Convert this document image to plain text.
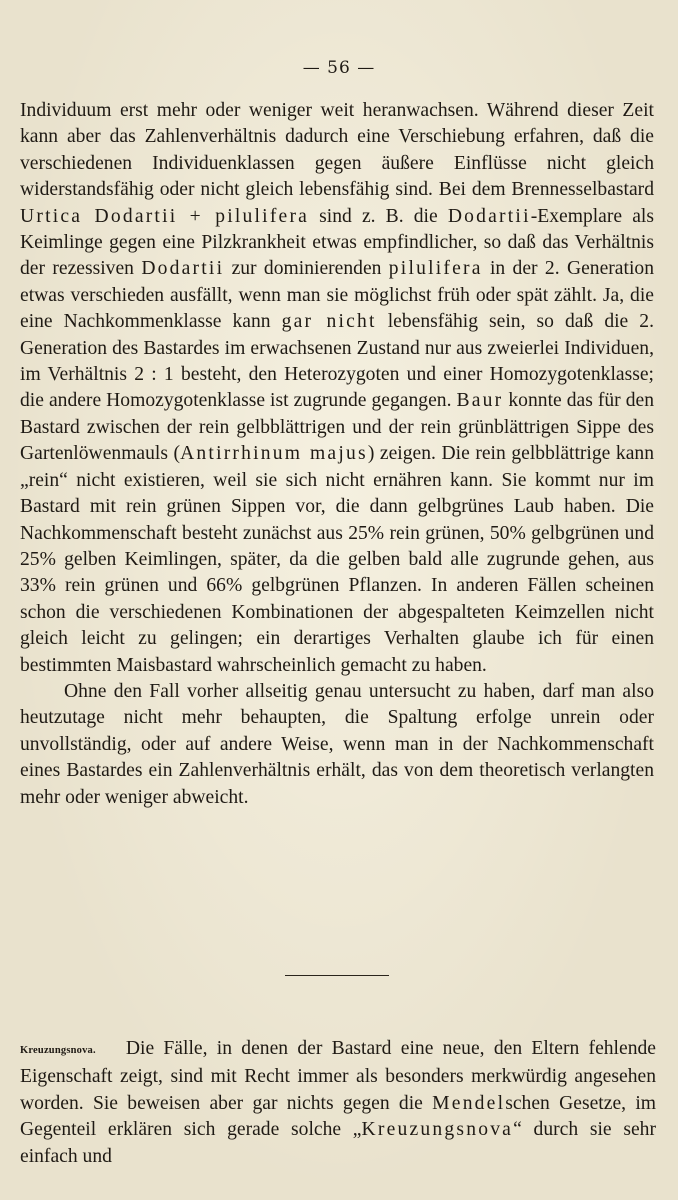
— 56 —

Individuum erst mehr oder weniger weit heranwachsen. Während dieser Zeit kann aber das Zahlenverhältnis dadurch eine Verschiebung erfahren, daß die verschiedenen Individuenklassen gegen äußere Einflüsse nicht gleich widerstandsfähig oder nicht gleich lebensfähig sind. Bei dem Brennesselbastard Urtica Dodartii + pilulifera sind z. B. die Dodartii-Exemplare als Keimlinge gegen eine Pilzkrankheit etwas empfindlicher, so daß das Verhältnis der rezessiven Dodartii zur dominierenden pilulifera in der 2. Generation etwas verschieden ausfällt, wenn man sie möglichst früh oder spät zählt. Ja, die eine Nachkommenklasse kann gar nicht lebensfähig sein, so daß die 2. Generation des Bastardes im erwachsenen Zustand nur aus zweierlei Individuen, im Verhältnis 2 : 1 besteht, den Heterozygoten und einer Homozygotenklasse; die andere Homozygotenklasse ist zugrunde gegangen. Baur konnte das für den Bastard zwischen der rein gelbblättrigen und der rein grünblättrigen Sippe des Gartenlöwenmauls (Antirrhinum majus) zeigen. Die rein gelbblättrige kann „rein“ nicht existieren, weil sie sich nicht ernähren kann. Sie kommt nur im Bastard mit rein grünen Sippen vor, die dann gelbgrünes Laub haben. Die Nachkommenschaft besteht zunächst aus 25% rein grünen, 50% gelbgrünen und 25% gelben Keimlingen, später, da die gelben bald alle zugrunde gehen, aus 33% rein grünen und 66% gelbgrünen Pflanzen. In anderen Fällen scheinen schon die verschiedenen Kombinationen der abgespalteten Keimzellen nicht gleich leicht zu gelingen; ein derartiges Verhalten glaube ich für einen bestimmten Maisbastard wahrscheinlich gemacht zu haben.

Ohne den Fall vorher allseitig genau untersucht zu haben, darf man also heutzutage nicht mehr behaupten, die Spaltung erfolge unrein oder unvollständig, oder auf andere Weise, wenn man in der Nachkommenschaft eines Bastardes ein Zahlenverhältnis erhält, das von dem theoretisch verlangten mehr oder weniger abweicht.

Kreuzungsnova. Die Fälle, in denen der Bastard eine neue, den Eltern fehlende Eigenschaft zeigt, sind mit Recht immer als besonders merkwürdig angesehen worden. Sie beweisen aber gar nichts gegen die Mendelschen Gesetze, im Gegenteil erklären sich gerade solche „Kreuzungsnova“ durch sie sehr einfach und
